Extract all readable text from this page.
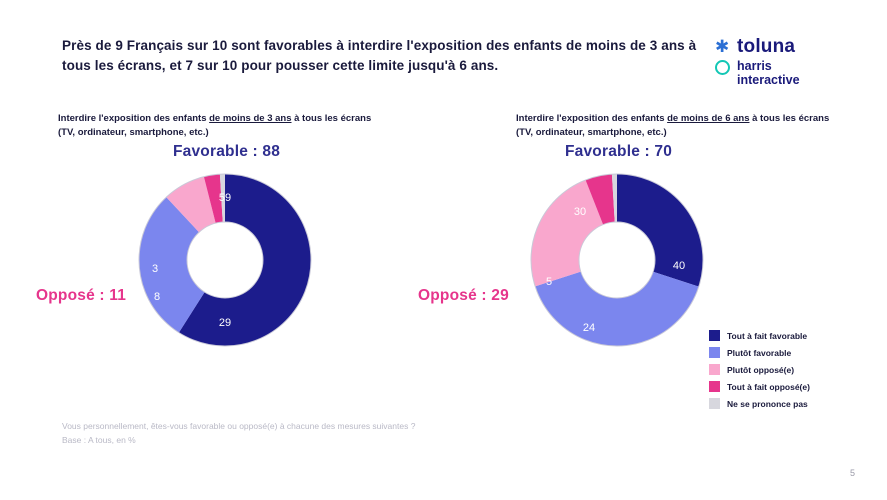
Près de 9 Français sur 10 sont favorables à interdire l'exposition des enfants de moins de 3 ans à tous les écrans, et 7 sur 10 pour pousser cette limite jusqu'à 6 ans.
✱ toluna
harris
interactive
Interdire l'exposition des enfants de moins de 3 ans à tous les écrans
(TV, ordinateur, smartphone, etc.)
Favorable : 88
Opposé : 11
59
29
8
3
Interdire l'exposition des enfants de moins de 6 ans à tous les écrans
(TV, ordinateur, smartphone, etc.)
Favorable : 70
Opposé : 29
30
40
24
5
Tout à fait favorable
Plutôt favorable
Plutôt opposé(e)
Tout à fait opposé(e)
Ne se prononce pas
Vous personnellement, êtes-vous favorable ou opposé(e) à chacune des mesures suivantes ?
Base : A tous, en %
5
